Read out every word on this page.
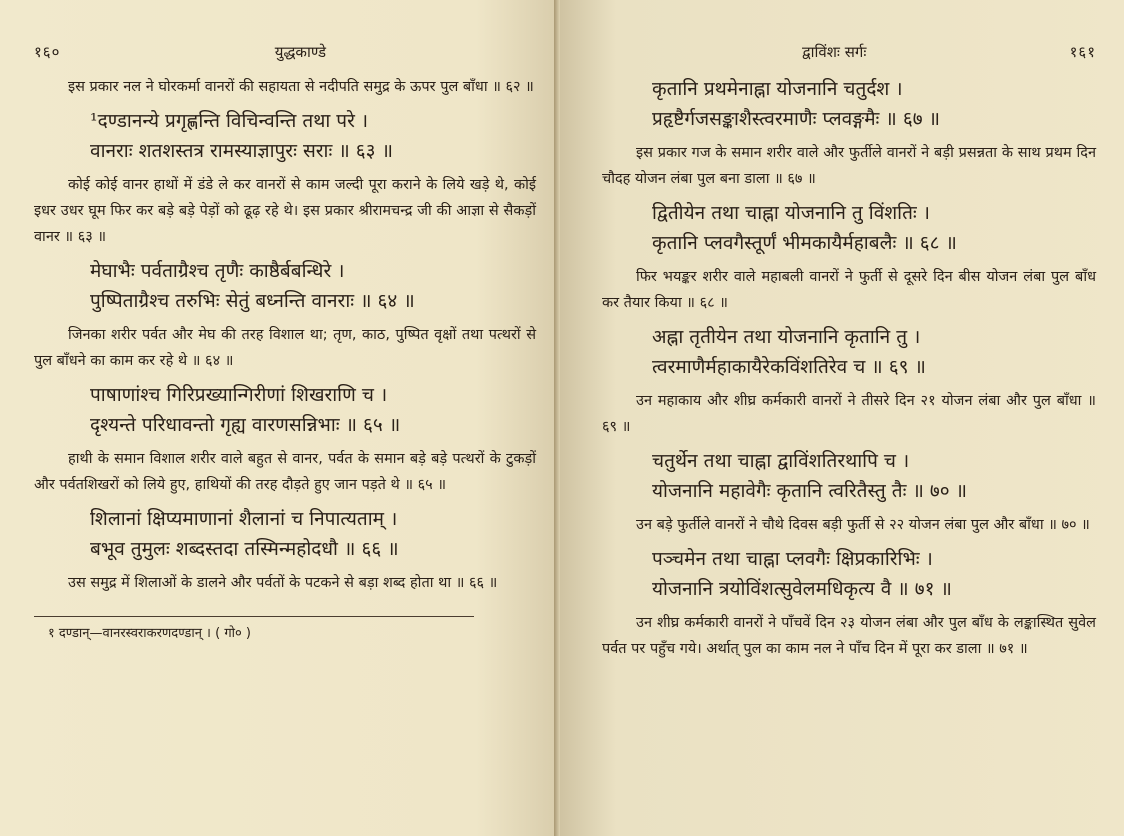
१६०	युद्धकाण्डे

इस प्रकार नल ने घोरकर्मा वानरों की सहायता से नदीपति समुद्र के ऊपर पुल बाँधा ॥ ६२ ॥

¹दण्डानन्ये प्रगृह्णन्ति विचिन्वन्ति तथा परे ।
वानराः शतशस्तत्र रामस्याज्ञापुरः सराः ॥ ६३ ॥

कोई कोई वानर हाथों में डंडे ले कर वानरों से काम जल्दी पूरा कराने के लिये खड़े थे, कोई इधर उधर घूम फिर कर बड़े बड़े पेड़ों को ढूढ़ रहे थे। इस प्रकार श्रीरामचन्द्र जी की आज्ञा से सैकड़ों वानर ॥ ६३ ॥

मेघाभैः पर्वताग्रैश्च तृणैः काष्ठैर्बबन्धिरे ।
पुष्पिताग्रैश्च तरुभिः सेतुं बध्नन्ति वानराः ॥ ६४ ॥

जिनका शरीर पर्वत और मेघ की तरह विशाल था; तृण, काठ, पुष्पित वृक्षों तथा पत्थरों से पुल बाँधने का काम कर रहे थे ॥ ६४ ॥

पाषाणांश्च गिरिप्रख्यान्गिरीणां शिखराणि च ।
दृश्यन्ते परिधावन्तो गृह्य वारणसन्निभाः ॥ ६५ ॥

हाथी के समान विशाल शरीर वाले बहुत से वानर, पर्वत के समान बड़े बड़े पत्थरों के टुकड़ों और पर्वतशिखरों को लिये हुए, हाथियों की तरह दौड़ते हुए जान पड़ते थे ॥ ६५ ॥

शिलानां क्षिप्यमाणानां शैलानां च निपात्यताम् ।
बभूव तुमुलः शब्दस्तदा तस्मिन्महोदधौ ॥ ६६ ॥

उस समुद्र में शिलाओं के डालने और पर्वतों के पटकने से बड़ा शब्द होता था ॥ ६६ ॥

१ दण्डान्—वानरस्वराकरणदण्डान् । ( गो० )

द्वाविंशः सर्गः	१६१
कृतानि प्रथमेनाह्ना योजनानि चतुर्दश ।
प्रहृष्टैर्गजसङ्काशैस्त्वरमाणैः प्लवङ्गमैः ॥ ६७ ॥

इस प्रकार गज के समान शरीर वाले और फुर्तीले वानरों ने बड़ी प्रसन्नता के साथ प्रथम दिन चौदह योजन लंबा पुल बना डाला ॥ ६७ ॥

द्वितीयेन तथा चाह्ना योजनानि तु विंशतिः ।
कृतानि प्लवगैस्तूर्णं भीमकायैर्महाबलैः ॥ ६८ ॥

फिर भयङ्कर शरीर वाले महाबली वानरों ने फुर्ती से दूसरे दिन बीस योजन लंबा पुल बाँध कर तैयार किया ॥ ६८ ॥

अह्ना तृतीयेन तथा योजनानि कृतानि तु ।
त्वरमाणैर्महाकायैरेकविंशतिरेव च ॥ ६९ ॥

उन महाकाय और शीघ्र कर्मकारी वानरों ने तीसरे दिन २१ योजन लंबा और पुल बाँधा ॥ ६९ ॥

चतुर्थेन तथा चाह्ना द्वाविंशतिरथापि च ।
योजनानि महावेगैः कृतानि त्वरितैस्तु तैः ॥ ७० ॥

उन बड़े फुर्तीले वानरों ने चौथे दिवस बड़ी फुर्ती से २२ योजन लंबा पुल और बाँधा ॥ ७० ॥

पञ्चमेन तथा चाह्ना प्लवगैः क्षिप्रकारिभिः ।
योजनानि त्रयोविंशत्सुवेलमधिकृत्य वै ॥ ७१ ॥

उन शीघ्र कर्मकारी वानरों ने पाँचवें दिन २३ योजन लंबा और पुल बाँध के लङ्कास्थित सुवेल पर्वत पर पहुँच गये। अर्थात् पुल का काम नल ने पाँच दिन में पूरा कर डाला ॥ ७१ ॥
